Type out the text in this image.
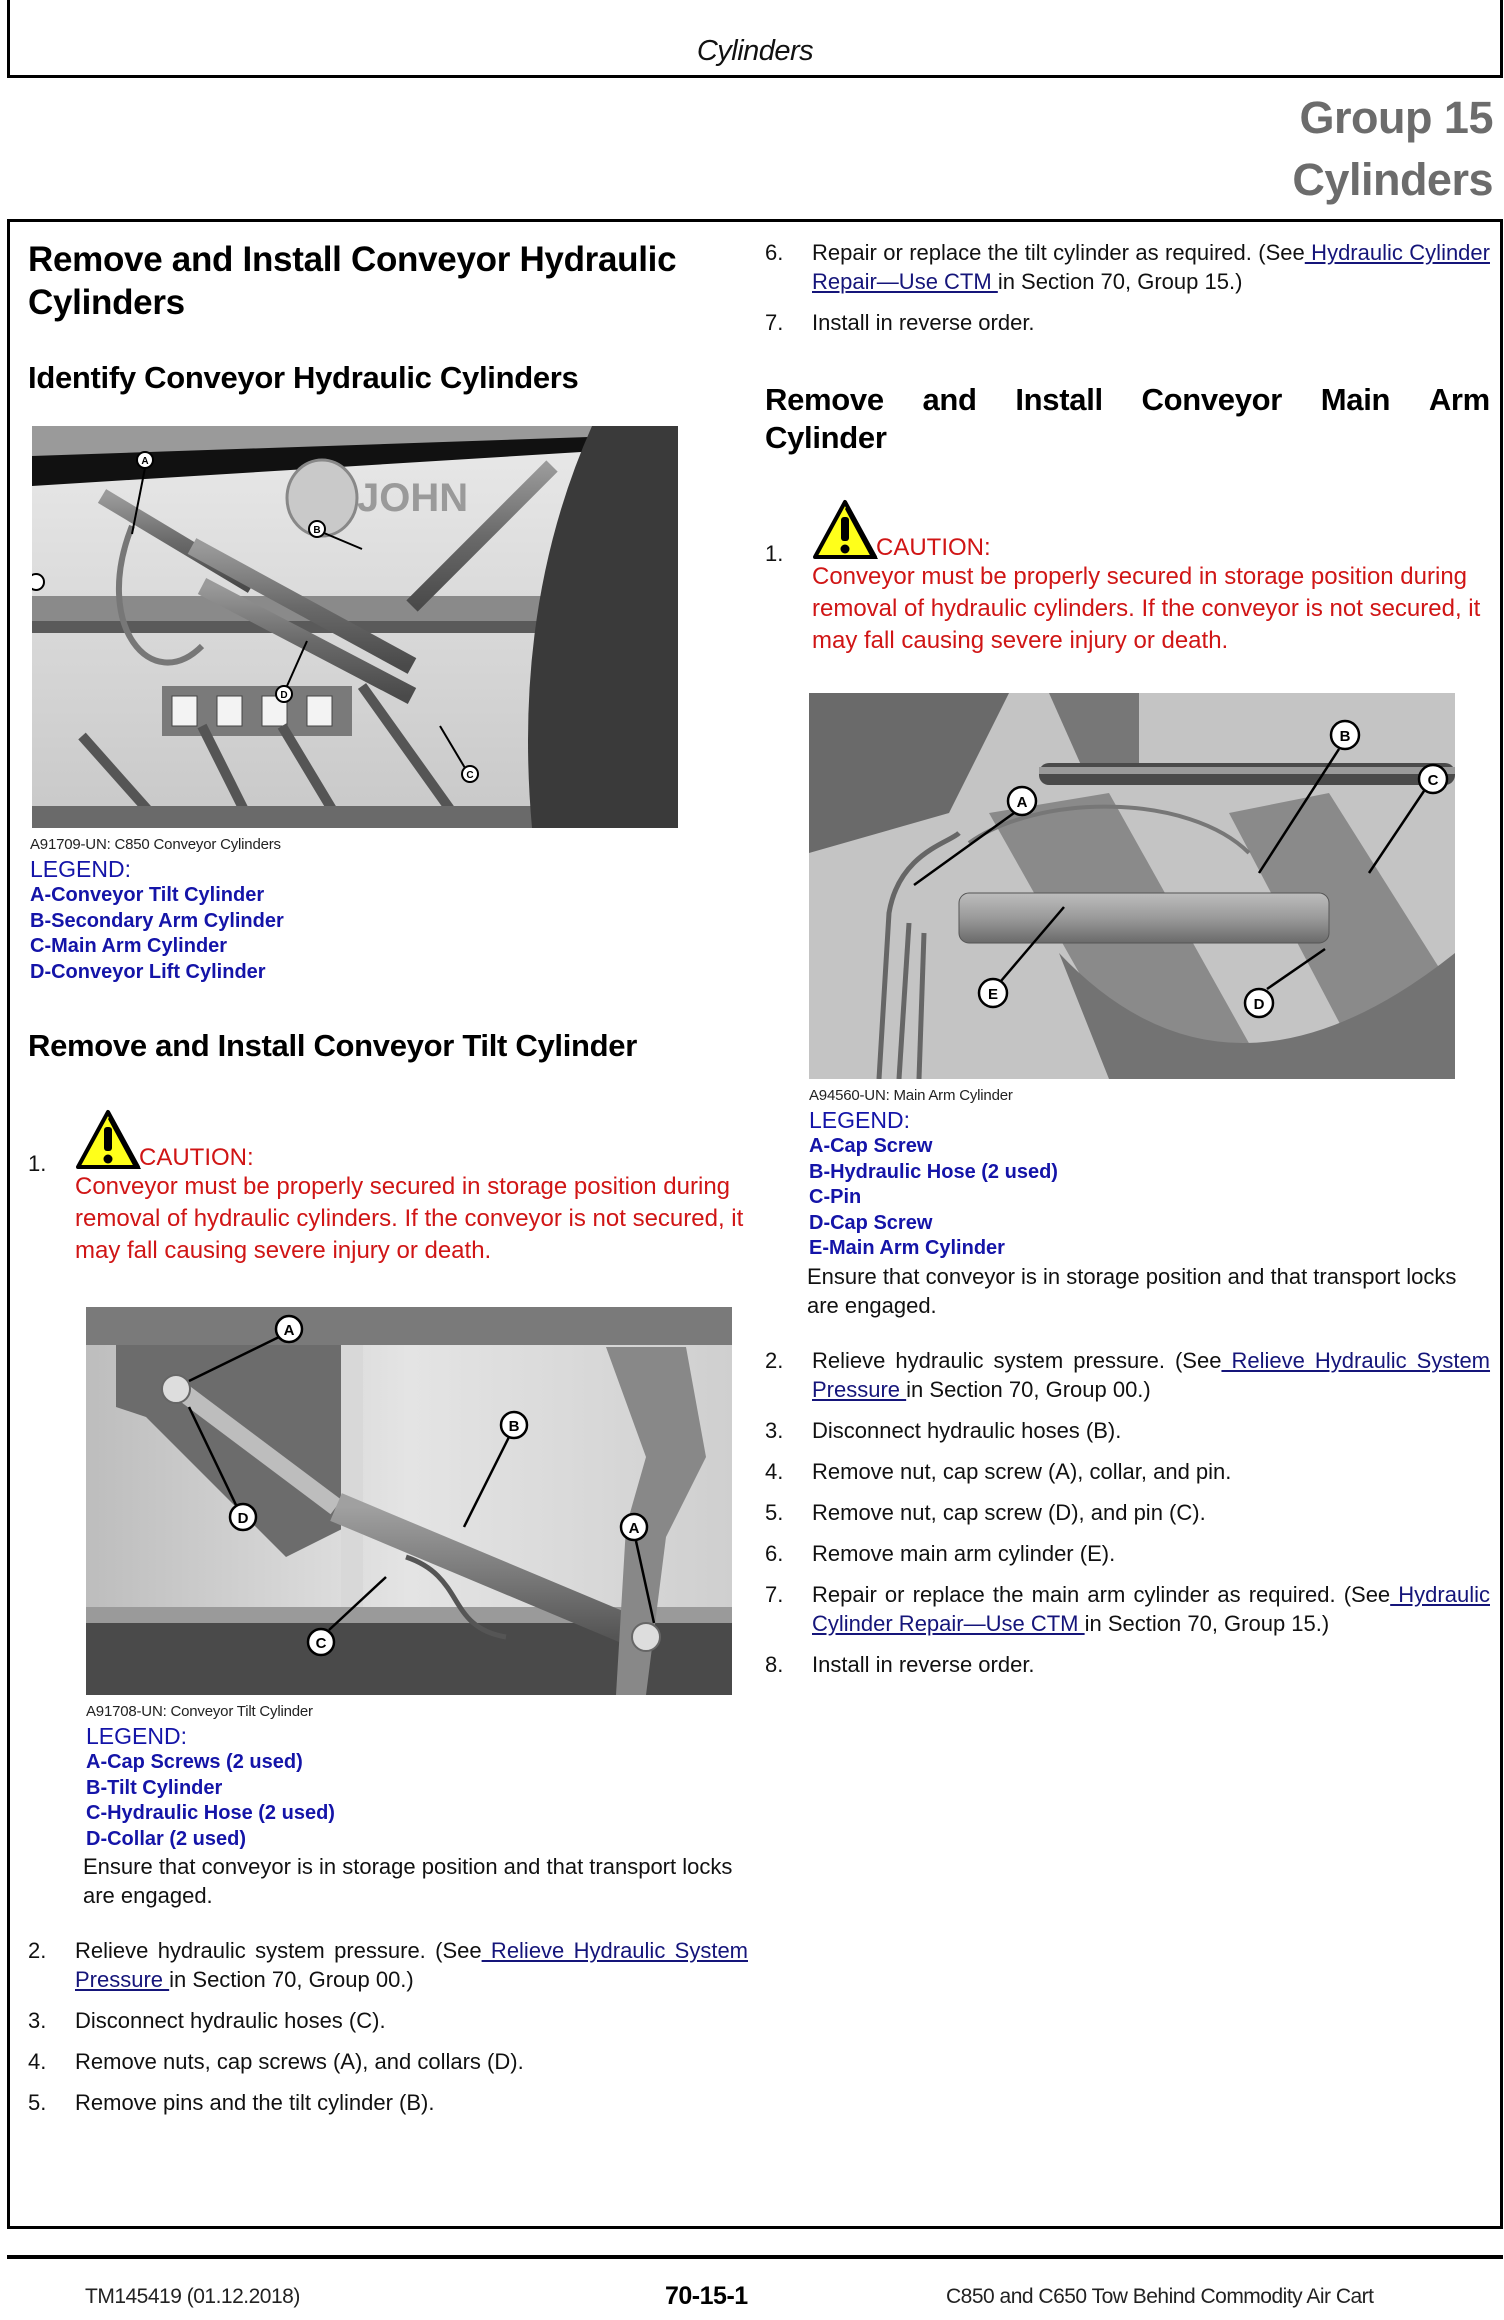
Cylinders
Group 15
Cylinders
Remove and Install Conveyor Hydraulic Cylinders
Identify Conveyor Hydraulic Cylinders
JOHN
A
B
C
D
A91709-UN: C850 Conveyor Cylinders
LEGEND:
A-Conveyor Tilt Cylinder
B-Secondary Arm Cylinder
C-Main Arm Cylinder
D-Conveyor Lift Cylinder
Remove and Install Conveyor Tilt Cylinder
1.	CAUTION:
Conveyor must be properly secured in storage position during removal of hydraulic cylinders. If the conveyor is not secured, it may fall causing severe injury or death.
A
B
C
D
A
A91708-UN: Conveyor Tilt Cylinder
LEGEND:
A-Cap Screws (2 used)
B-Tilt Cylinder
C-Hydraulic Hose (2 used)
D-Collar (2 used)
Ensure that conveyor is in storage position and that transport locks are engaged.
2. Relieve hydraulic system pressure. (See Relieve Hydraulic System Pressure in Section 70, Group 00.)

3. Disconnect hydraulic hoses (C).

4. Remove nuts, cap screws (A), and collars (D).

5. Remove pins and the tilt cylinder (B).

6. Repair or replace the tilt cylinder as required. (See Hydraulic Cylinder Repair—Use CTM in Section 70, Group 15.)

7. Install in reverse order.

Remove and Install Conveyor Main Arm
Cylinder
1.	CAUTION:
Conveyor must be properly secured in storage position during removal of hydraulic cylinders. If the conveyor is not secured, it may fall causing severe injury or death.
A
B
C
D
E
A94560-UN: Main Arm Cylinder
LEGEND:
A-Cap Screw
B-Hydraulic Hose (2 used)
C-Pin
D-Cap Screw
E-Main Arm Cylinder
Ensure that conveyor is in storage position and that transport locks are engaged.
2. Relieve hydraulic system pressure. (See Relieve Hydraulic System Pressure in Section 70, Group 00.)

3. Disconnect hydraulic hoses (B).

4. Remove nut, cap screw (A), collar, and pin.

5. Remove nut, cap screw (D), and pin (C).

6. Remove main arm cylinder (E).

7. Repair or replace the main arm cylinder as required. (See Hydraulic Cylinder Repair—Use CTM in Section 70, Group 15.)

8. Install in reverse order.

TM145419 (01.12.2018)	70-15-1	C850 and C650 Tow Behind Commodity Air Cart
